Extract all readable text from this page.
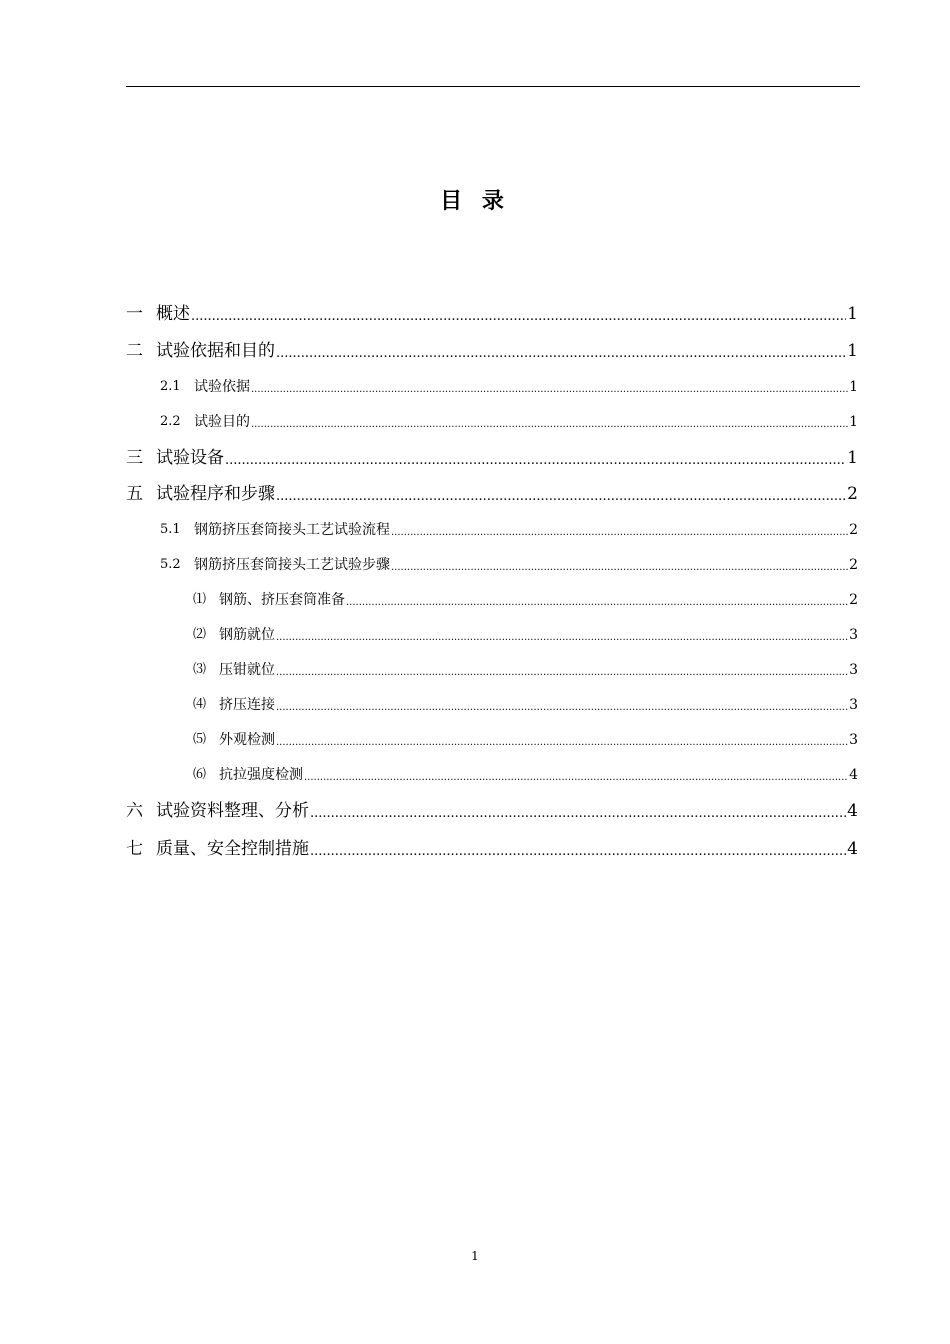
目 录
一 概述 .....	1
二 试验依据和目的 .....	1
2.1 试验依据 .....	1
2.2 试验目的 .....	1
三 试验设备 .....	1
五 试验程序和步骤 .....	2
5.1 钢筋挤压套筒接头工艺试验流程 .....	2
5.2 钢筋挤压套筒接头工艺试验步骤 .....	2
⑴ 钢筋、挤压套筒准备 .....	2
⑵ 钢筋就位 .....	3
⑶ 压钳就位 .....	3
⑷ 挤压连接 .....	3
⑸ 外观检测 .....	3
⑹ 抗拉强度检测 .....	4
六 试验资料整理、分析 .....	4
七 质量、安全控制措施 .....	4
1
